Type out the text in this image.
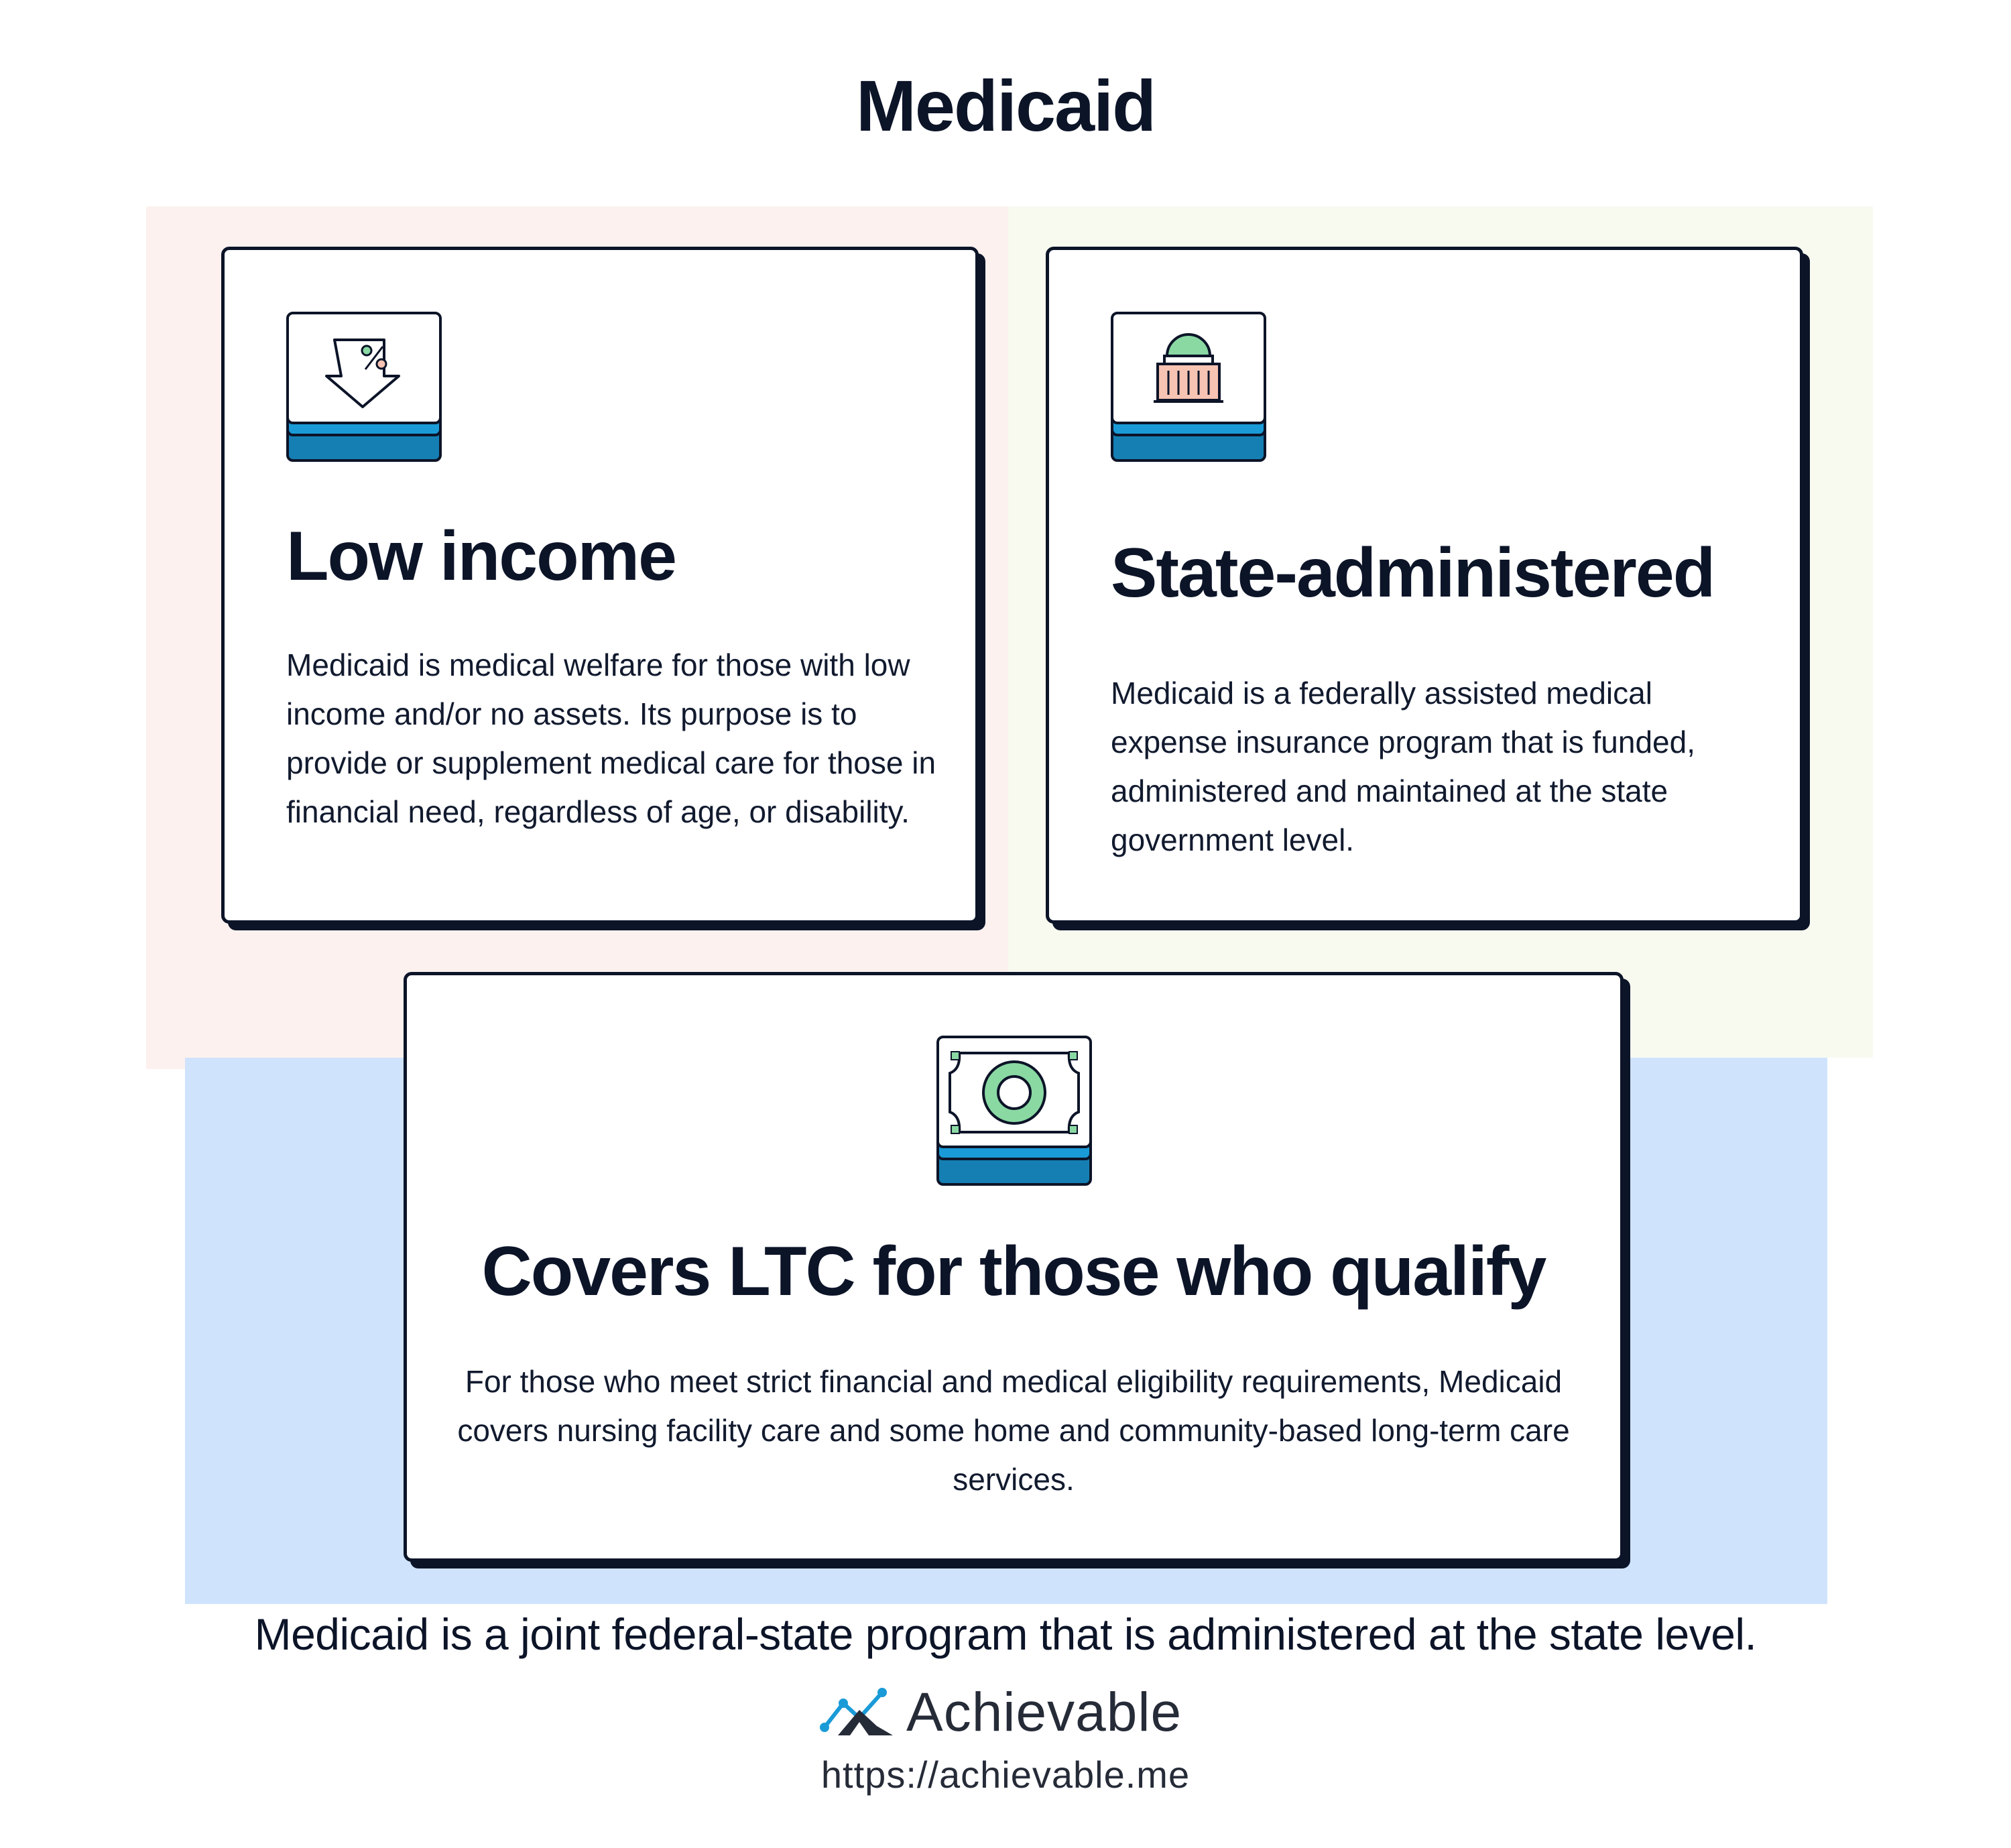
Medicaid
Low income

Medicaid is medical welfare for those with low income and/or no assets. Its purpose is to provide or supplement medical care for those in financial need, regardless of age, or disability.

State-administered

Medicaid is a federally assisted medical expense insurance program that is funded, administered and maintained at the state government level.

Covers LTC for those who qualify

For those who meet strict financial and medical eligibility requirements, Medicaid covers nursing facility care and some home and community-based long-term care services.

Medicaid is a joint federal-state program that is administered at the state level.

Achievable
https://achievable.me
